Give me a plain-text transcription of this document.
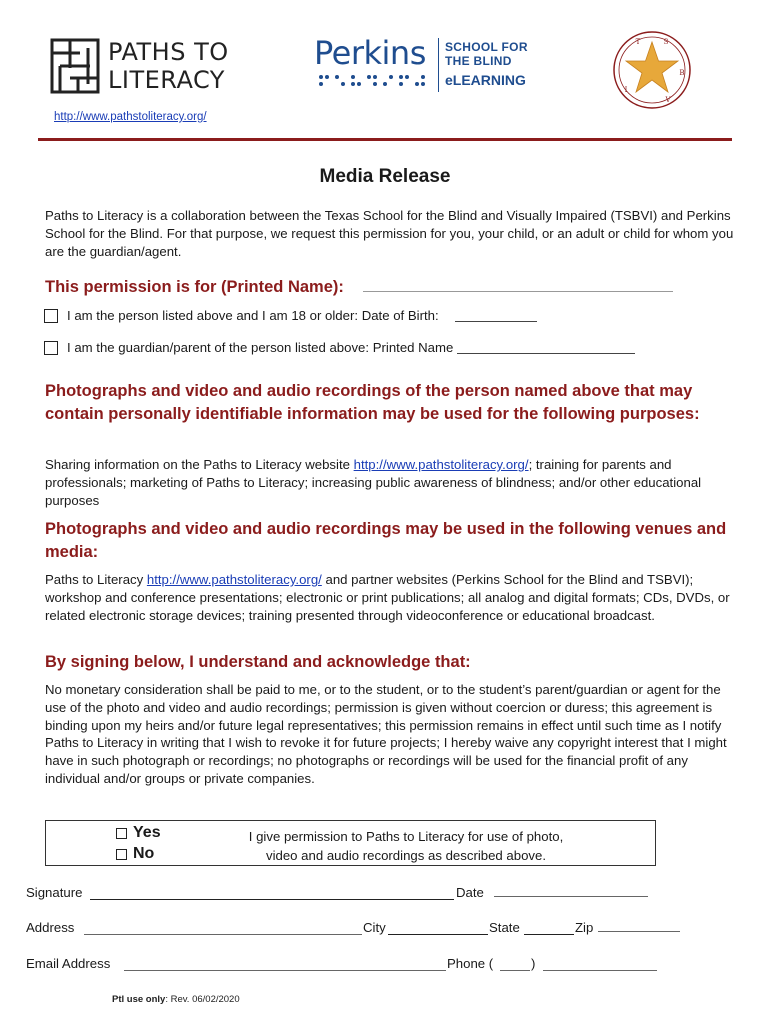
PATHS TO
LITERACY
Perkins SCHOOL FOR
THE BLIND
eLEARNING
T	S
B
V
I
http://www.pathstoliteracy.org/
Media Release
Paths to Literacy is a collaboration between the Texas School for the Blind and Visually Impaired (TSBVI) and Perkins School for the Blind. For that purpose, we request this permission for you, your child, or an adult or child for whom you are the guardian/agent.
This permission is for (Printed Name):
I am the person listed above and I am 18 or older: Date of Birth:
I am the guardian/parent of the person listed above: Printed Name
Photographs and video and audio recordings of the person named above that may contain personally identifiable information may be used for the following purposes:
Sharing information on the Paths to Literacy website http://www.pathstoliteracy.org/; training for parents and professionals; marketing of Paths to Literacy; increasing public awareness of blindness; and/or other educational purposes
Photographs and video and audio recordings may be used in the following venues and media:
Paths to Literacy http://www.pathstoliteracy.org/ and partner websites (Perkins School for the Blind and TSBVI); workshop and conference presentations; electronic or print publications; all analog and digital formats; CDs, DVDs, or related electronic storage devices; training presented through videoconference or educational broadcast.
By signing below, I understand and acknowledge that:
No monetary consideration shall be paid to me, or to the student, or to the student’s parent/guardian or agent for the use of the photo and video and audio recordings; permission is given without coercion or duress; this agreement is binding upon my heirs and/or future legal representatives; this permission remains in effect until such time as I notify Paths to Literacy in writing that I wish to revoke it for future projects; I hereby waive any copyright interest that I might have in such photograph or recordings; no photographs or recordings will be used for the financial profit of any individual and/or groups or private companies.
Yes
No
I give permission to Paths to Literacy for use of photo,
video and audio recordings as described above.
Signature	Date
Address	City	State	Zip
Email Address	Phone (	)
Ptl use only: Rev. 06/02/2020
